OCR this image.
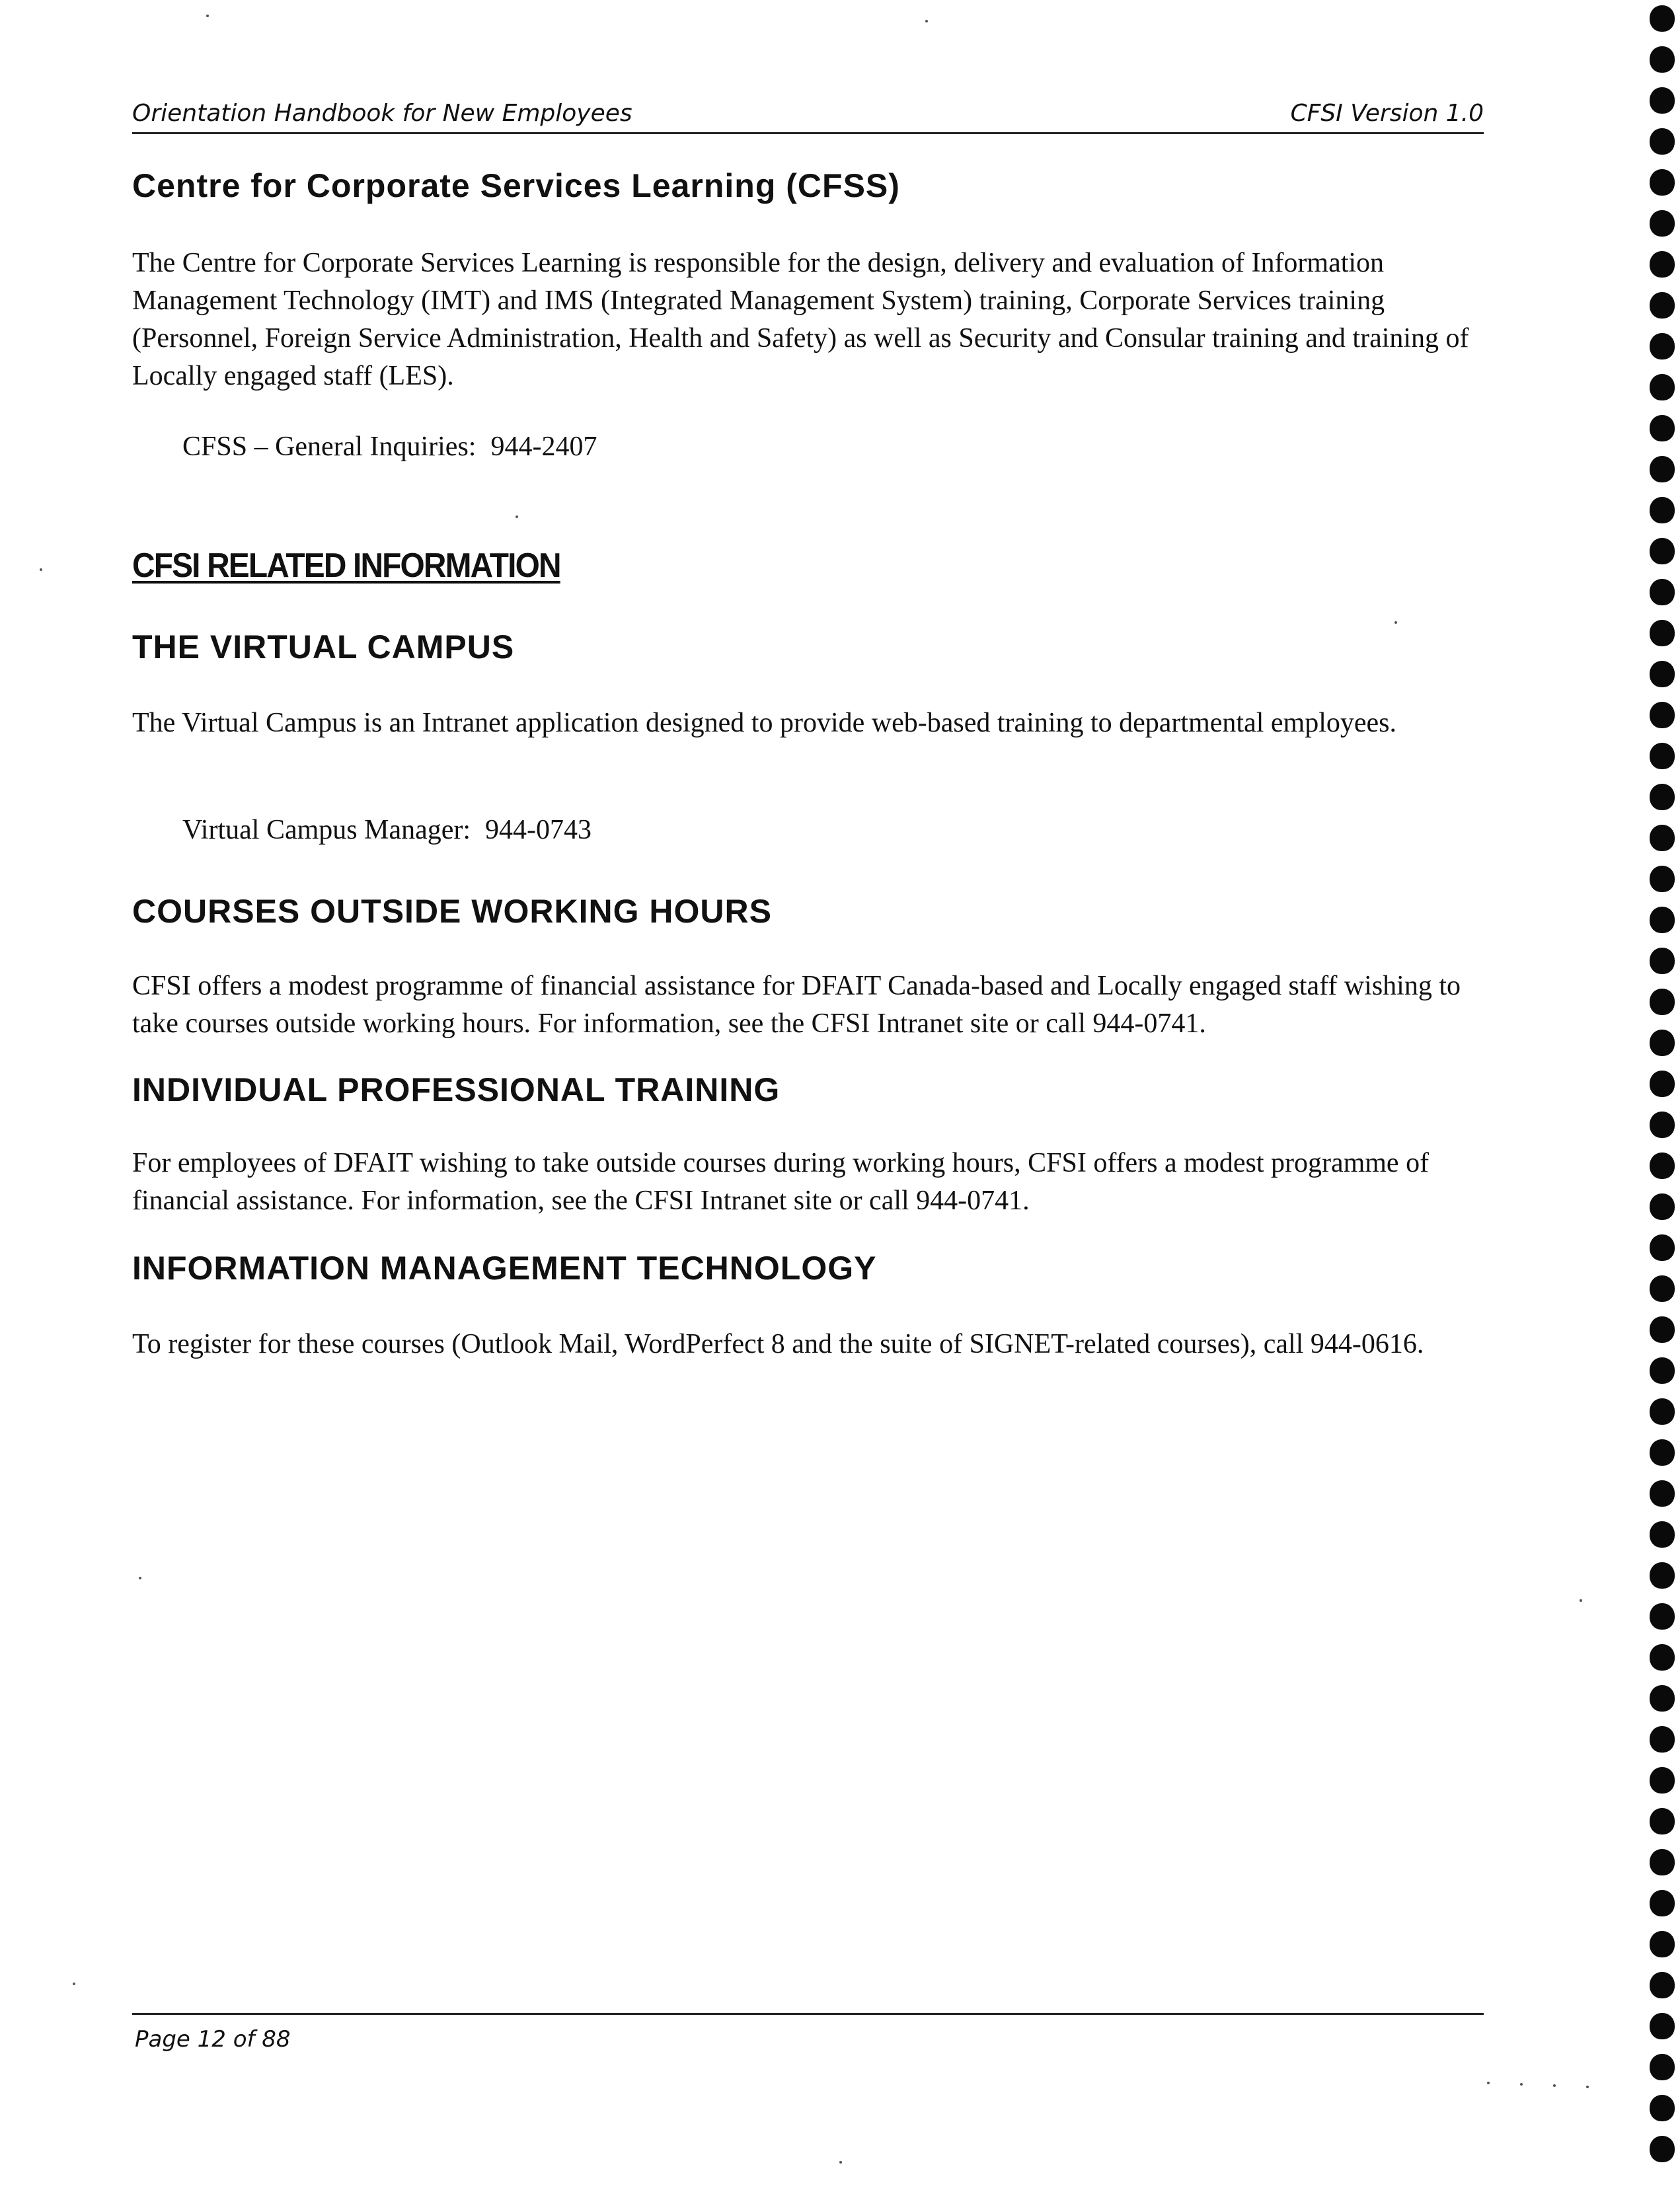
Orientation Handbook for New Employees	CFSI Version 1.0
Centre for Corporate Services Learning (CFSS)

The Centre for Corporate Services Learning is responsible for the design, delivery and evaluation of Information Management Technology (IMT) and IMS (Integrated Management System) training, Corporate Services training (Personnel, Foreign Service Administration, Health and Safety) as well as Security and Consular training and training of Locally engaged staff (LES).

CFSS – General Inquiries: 944-2407

CFSI RELATED INFORMATION
THE VIRTUAL CAMPUS

The Virtual Campus is an Intranet application designed to provide web-based training to departmental employees.

Virtual Campus Manager: 944-0743

COURSES OUTSIDE WORKING HOURS

CFSI offers a modest programme of financial assistance for DFAIT Canada-based and Locally engaged staff wishing to take courses outside working hours. For information, see the CFSI Intranet site or call 944-0741.

INDIVIDUAL PROFESSIONAL TRAINING

For employees of DFAIT wishing to take outside courses during working hours, CFSI offers a modest programme of financial assistance. For information, see the CFSI Intranet site or call 944-0741.

INFORMATION MANAGEMENT TECHNOLOGY

To register for these courses (Outlook Mail, WordPerfect 8 and the suite of SIGNET-related courses), call 944-0616.

Page 12 of 88
